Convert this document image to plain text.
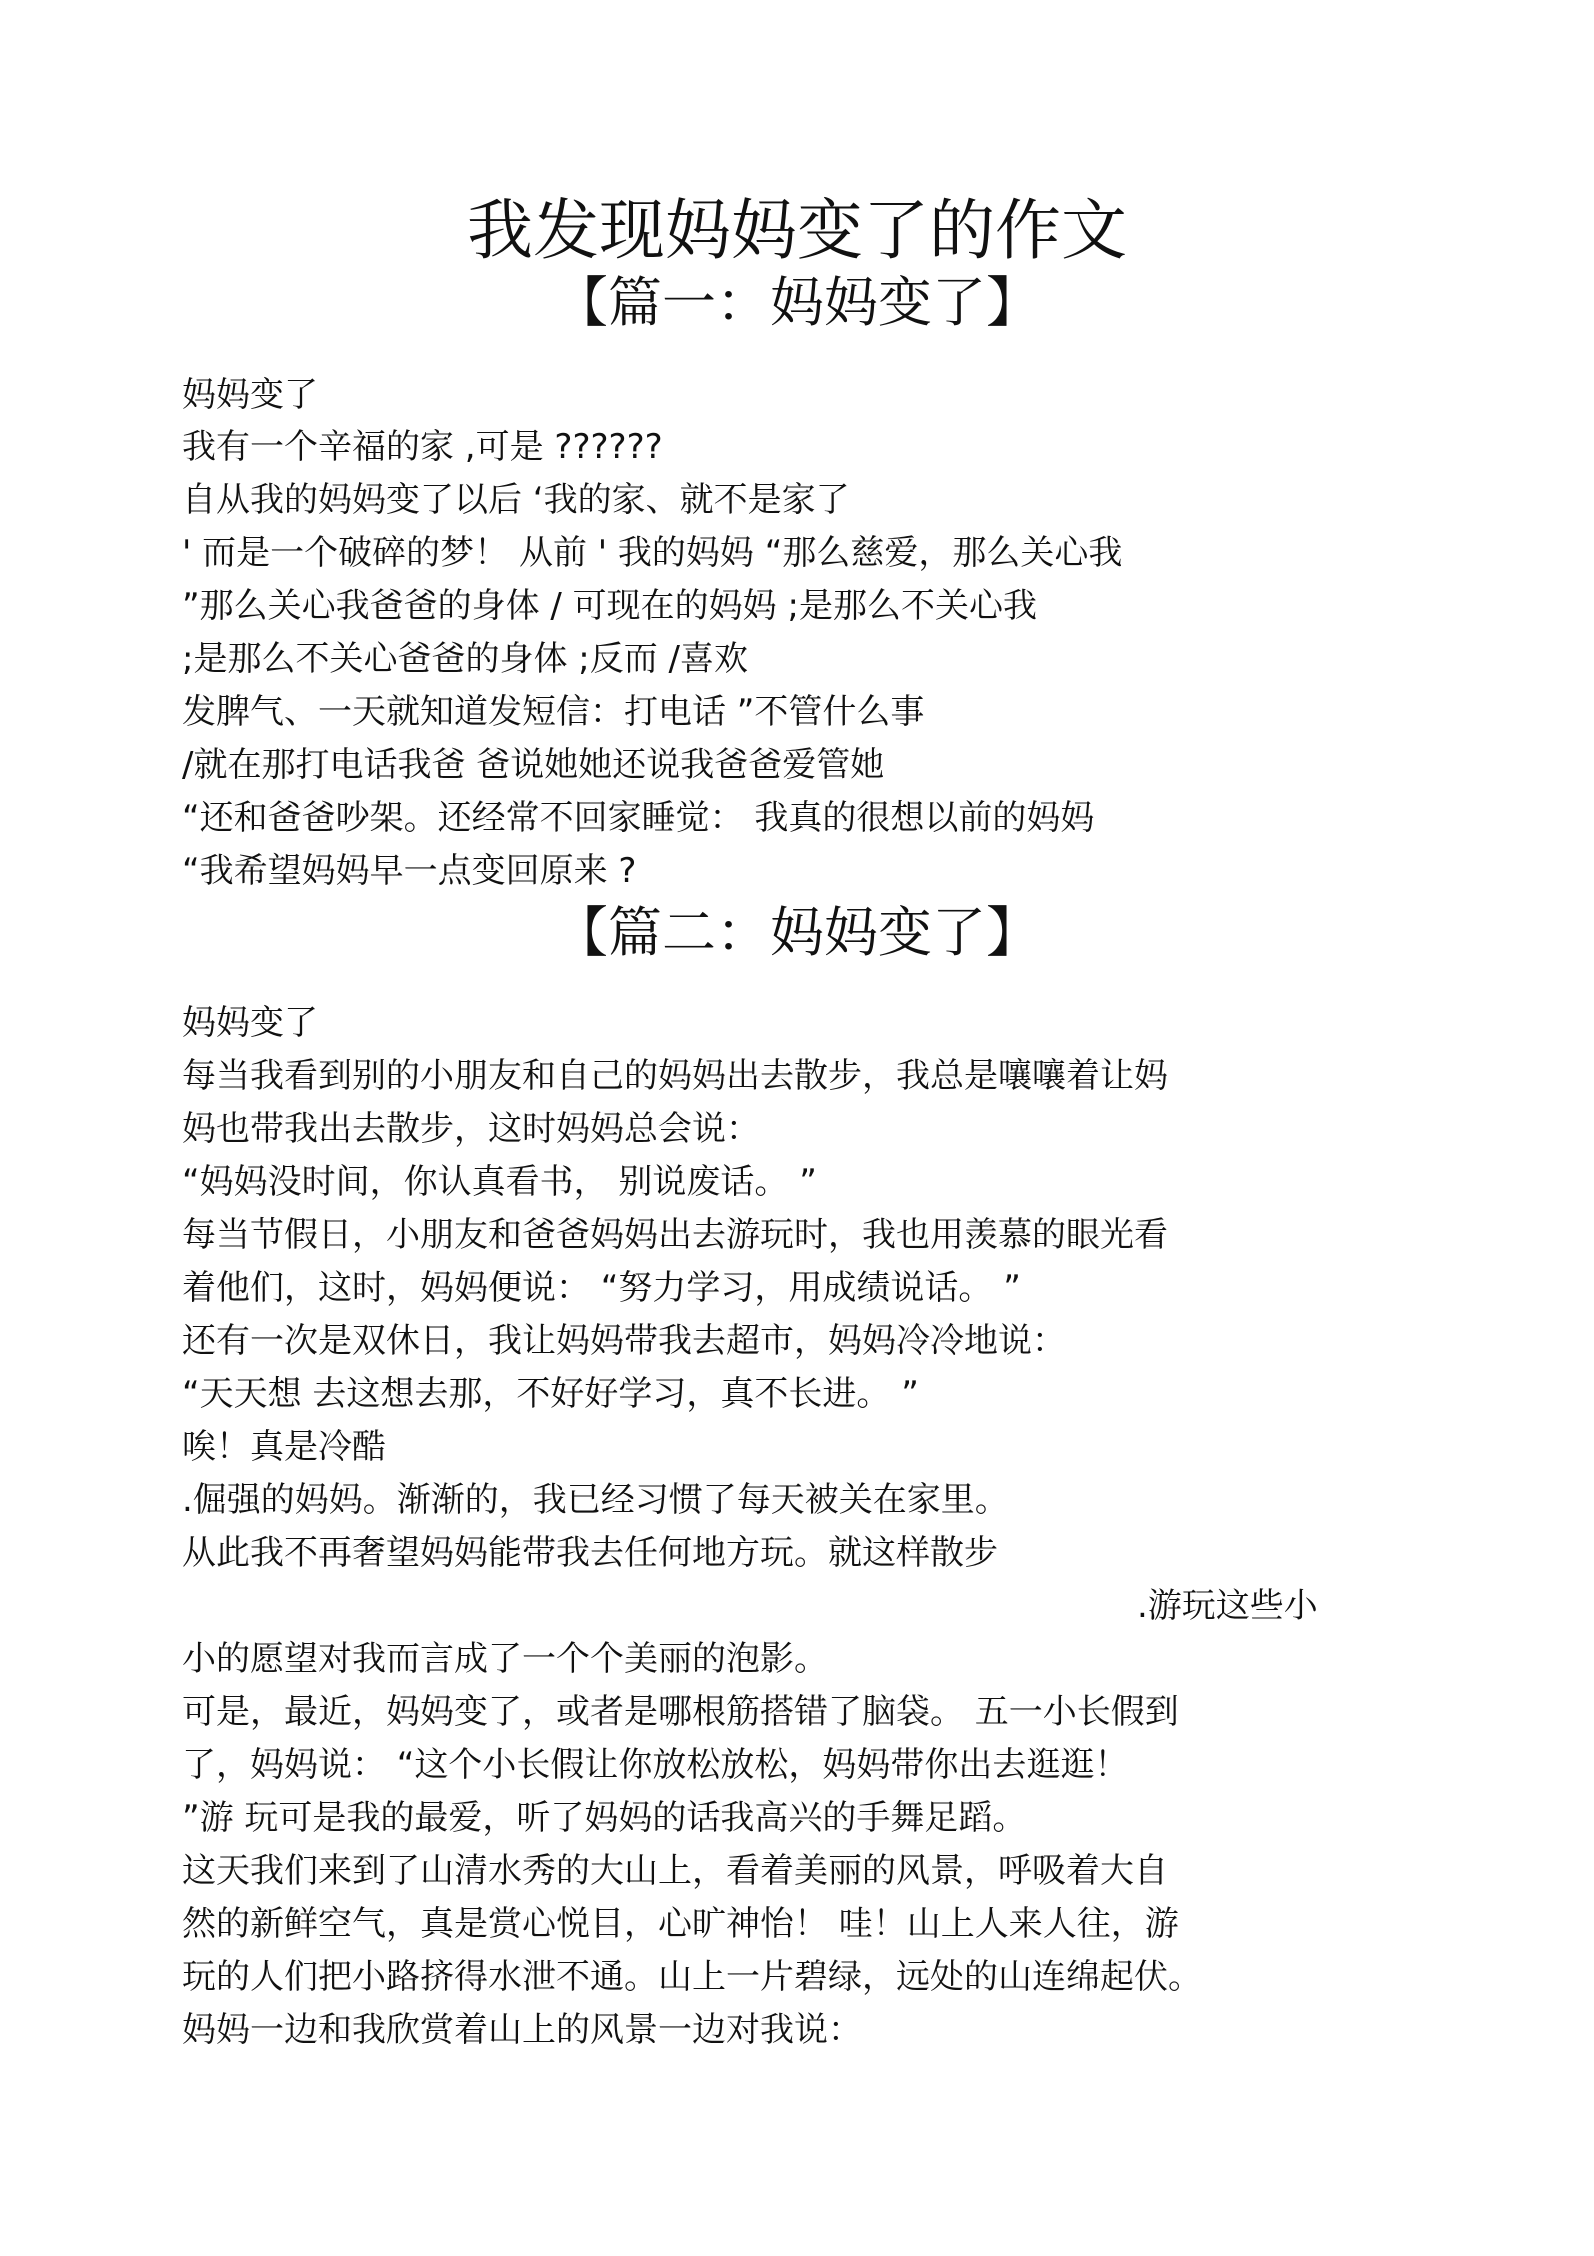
我发现妈妈变了的作文
【篇一：妈妈变了】

妈妈变了

我有一个辛福的家 ,可是 ??????

自从我的妈妈变了以后 ‘我的家、就不是家了

' 而是一个破碎的梦！ 从前 ' 我的妈妈 “那么慈爱，那么关心我

”那么关心我爸爸的身体 / 可现在的妈妈 ;是那么不关心我

;是那么不关心爸爸的身体 ;反而 /喜欢

发脾气、一天就知道发短信：打电话 ”不管什么事

/就在那打电话我爸 爸说她她还说我爸爸爱管她

“还和爸爸吵架。还经常不回家睡觉： 我真的很想以前的妈妈

“我希望妈妈早一点变回原来 ?

【篇二：妈妈变了】

妈妈变了

每当我看到别的小朋友和自己的妈妈出去散步，我总是嚷嚷着让妈

妈也带我出去散步，这时妈妈总会说：

“妈妈没时间，你认真看书， 别说废话。 ”

每当节假日，小朋友和爸爸妈妈出去游玩时，我也用羡慕的眼光看

着他们，这时，妈妈便说： “努力学习，用成绩说话。 ”

还有一次是双休日，我让妈妈带我去超市，妈妈冷冷地说：

“天天想 去这想去那，不好好学习，真不长进。 ”

唉！真是冷酷

.倔强的妈妈。渐渐的，我已经习惯了每天被关在家里。

从此我不再奢望妈妈能带我去任何地方玩。就这样散步

.游玩这些小

小的愿望对我而言成了一个个美丽的泡影。

可是，最近，妈妈变了，或者是哪根筋搭错了脑袋。 五一小长假到

了，妈妈说： “这个小长假让你放松放松，妈妈带你出去逛逛！

”游 玩可是我的最爱，听了妈妈的话我高兴的手舞足蹈。

这天我们来到了山清水秀的大山上，看着美丽的风景，呼吸着大自

然的新鲜空气，真是赏心悦目，心旷神怡！ 哇！山上人来人往，游

玩的人们把小路挤得水泄不通。山上一片碧绿，远处的山连绵起伏。

妈妈一边和我欣赏着山上的风景一边对我说：
